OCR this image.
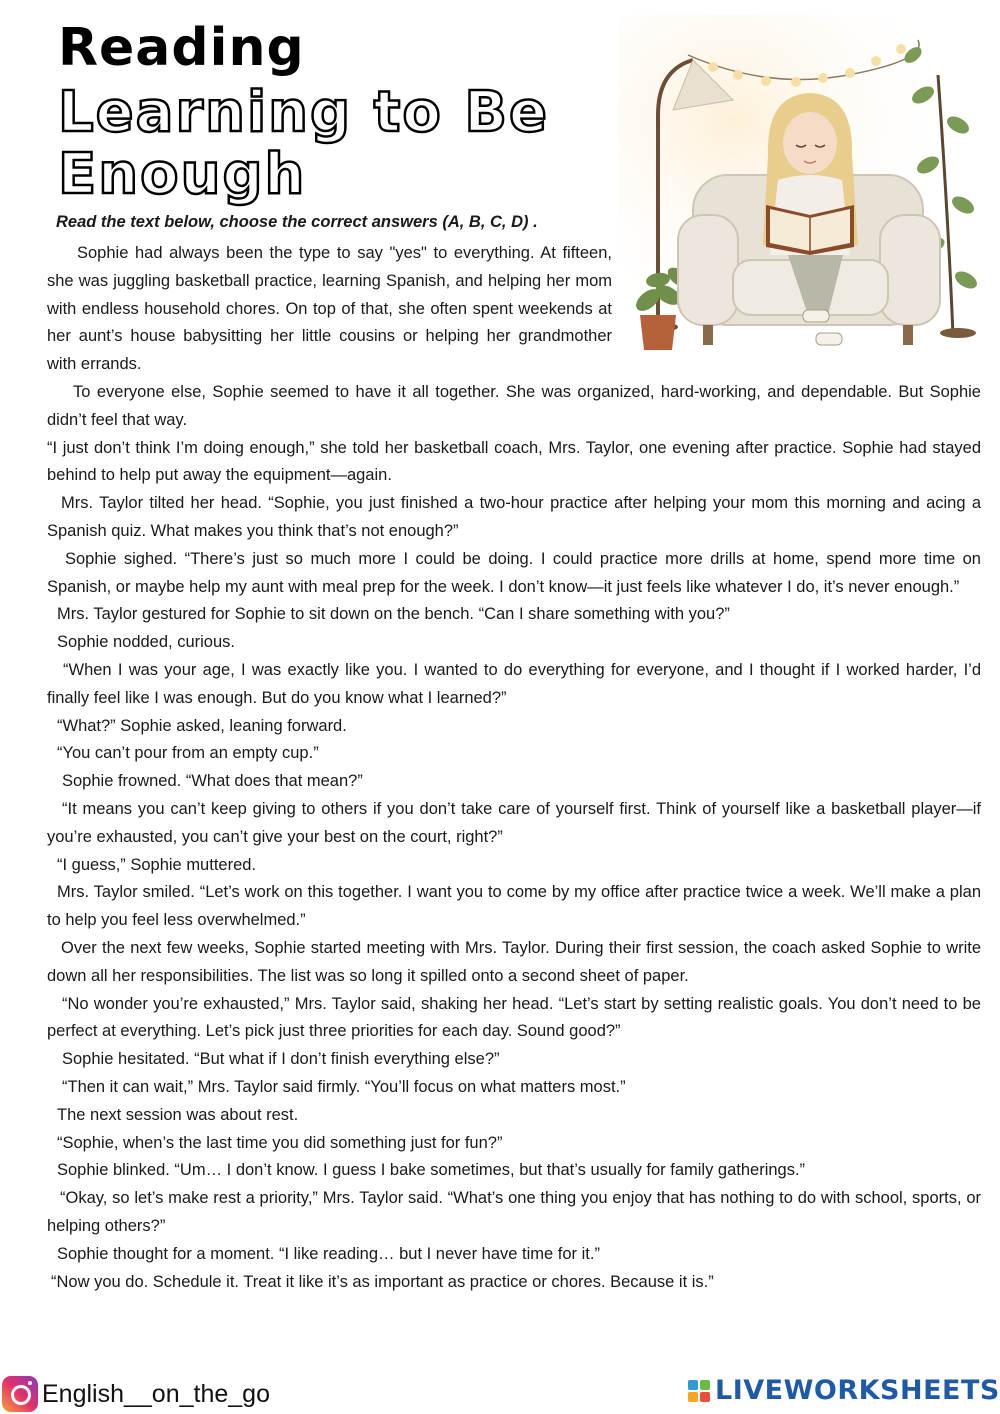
Reading
Learning to Be Enough
Read the text below, choose the correct answers (A, B, C, D) .

Sophie had always been the type to say "yes" to everything. At fifteen, she was juggling basketball practice, learning Spanish, and helping her mom with endless household chores. On top of that, she often spent weekends at her aunt’s house babysitting her little cousins or helping her grandmother with errands.

To everyone else, Sophie seemed to have it all together. She was organized, hard-working, and dependable. But Sophie didn’t feel that way.

“I just don’t think I’m doing enough,” she told her basketball coach, Mrs. Taylor, one evening after practice. Sophie had stayed behind to help put away the equipment—again.

Mrs. Taylor tilted her head. “Sophie, you just finished a two-hour practice after helping your mom this morning and acing a Spanish quiz. What makes you think that’s not enough?”

Sophie sighed. “There’s just so much more I could be doing. I could practice more drills at home, spend more time on Spanish, or maybe help my aunt with meal prep for the week. I don’t know—it just feels like whatever I do, it’s never enough.”

Mrs. Taylor gestured for Sophie to sit down on the bench. “Can I share something with you?”

Sophie nodded, curious.

“When I was your age, I was exactly like you. I wanted to do everything for everyone, and I thought if I worked harder, I’d finally feel like I was enough. But do you know what I learned?”

“What?” Sophie asked, leaning forward.

“You can’t pour from an empty cup.”

Sophie frowned. “What does that mean?”

“It means you can’t keep giving to others if you don’t take care of yourself first. Think of yourself like a basketball player—if you’re exhausted, you can’t give your best on the court, right?”

“I guess,” Sophie muttered.

Mrs. Taylor smiled. “Let’s work on this together. I want you to come by my office after practice twice a week. We’ll make a plan to help you feel less overwhelmed.”

Over the next few weeks, Sophie started meeting with Mrs. Taylor. During their first session, the coach asked Sophie to write down all her responsibilities. The list was so long it spilled onto a second sheet of paper.

“No wonder you’re exhausted,” Mrs. Taylor said, shaking her head. “Let’s start by setting realistic goals. You don’t need to be perfect at everything. Let’s pick just three priorities for each day. Sound good?”

Sophie hesitated. “But what if I don’t finish everything else?”

“Then it can wait,” Mrs. Taylor said firmly. “You’ll focus on what matters most.”

The next session was about rest.

“Sophie, when’s the last time you did something just for fun?”

Sophie blinked. “Um… I don’t know. I guess I bake sometimes, but that’s usually for family gatherings.”

“Okay, so let’s make rest a priority,” Mrs. Taylor said. “What’s one thing you enjoy that has nothing to do with school, sports, or helping others?”

Sophie thought for a moment. “I like reading… but I never have time for it.”

“Now you do. Schedule it. Treat it like it’s as important as practice or chores. Because it is.”

English__on_the_go	LIVEWORKSHEETS
